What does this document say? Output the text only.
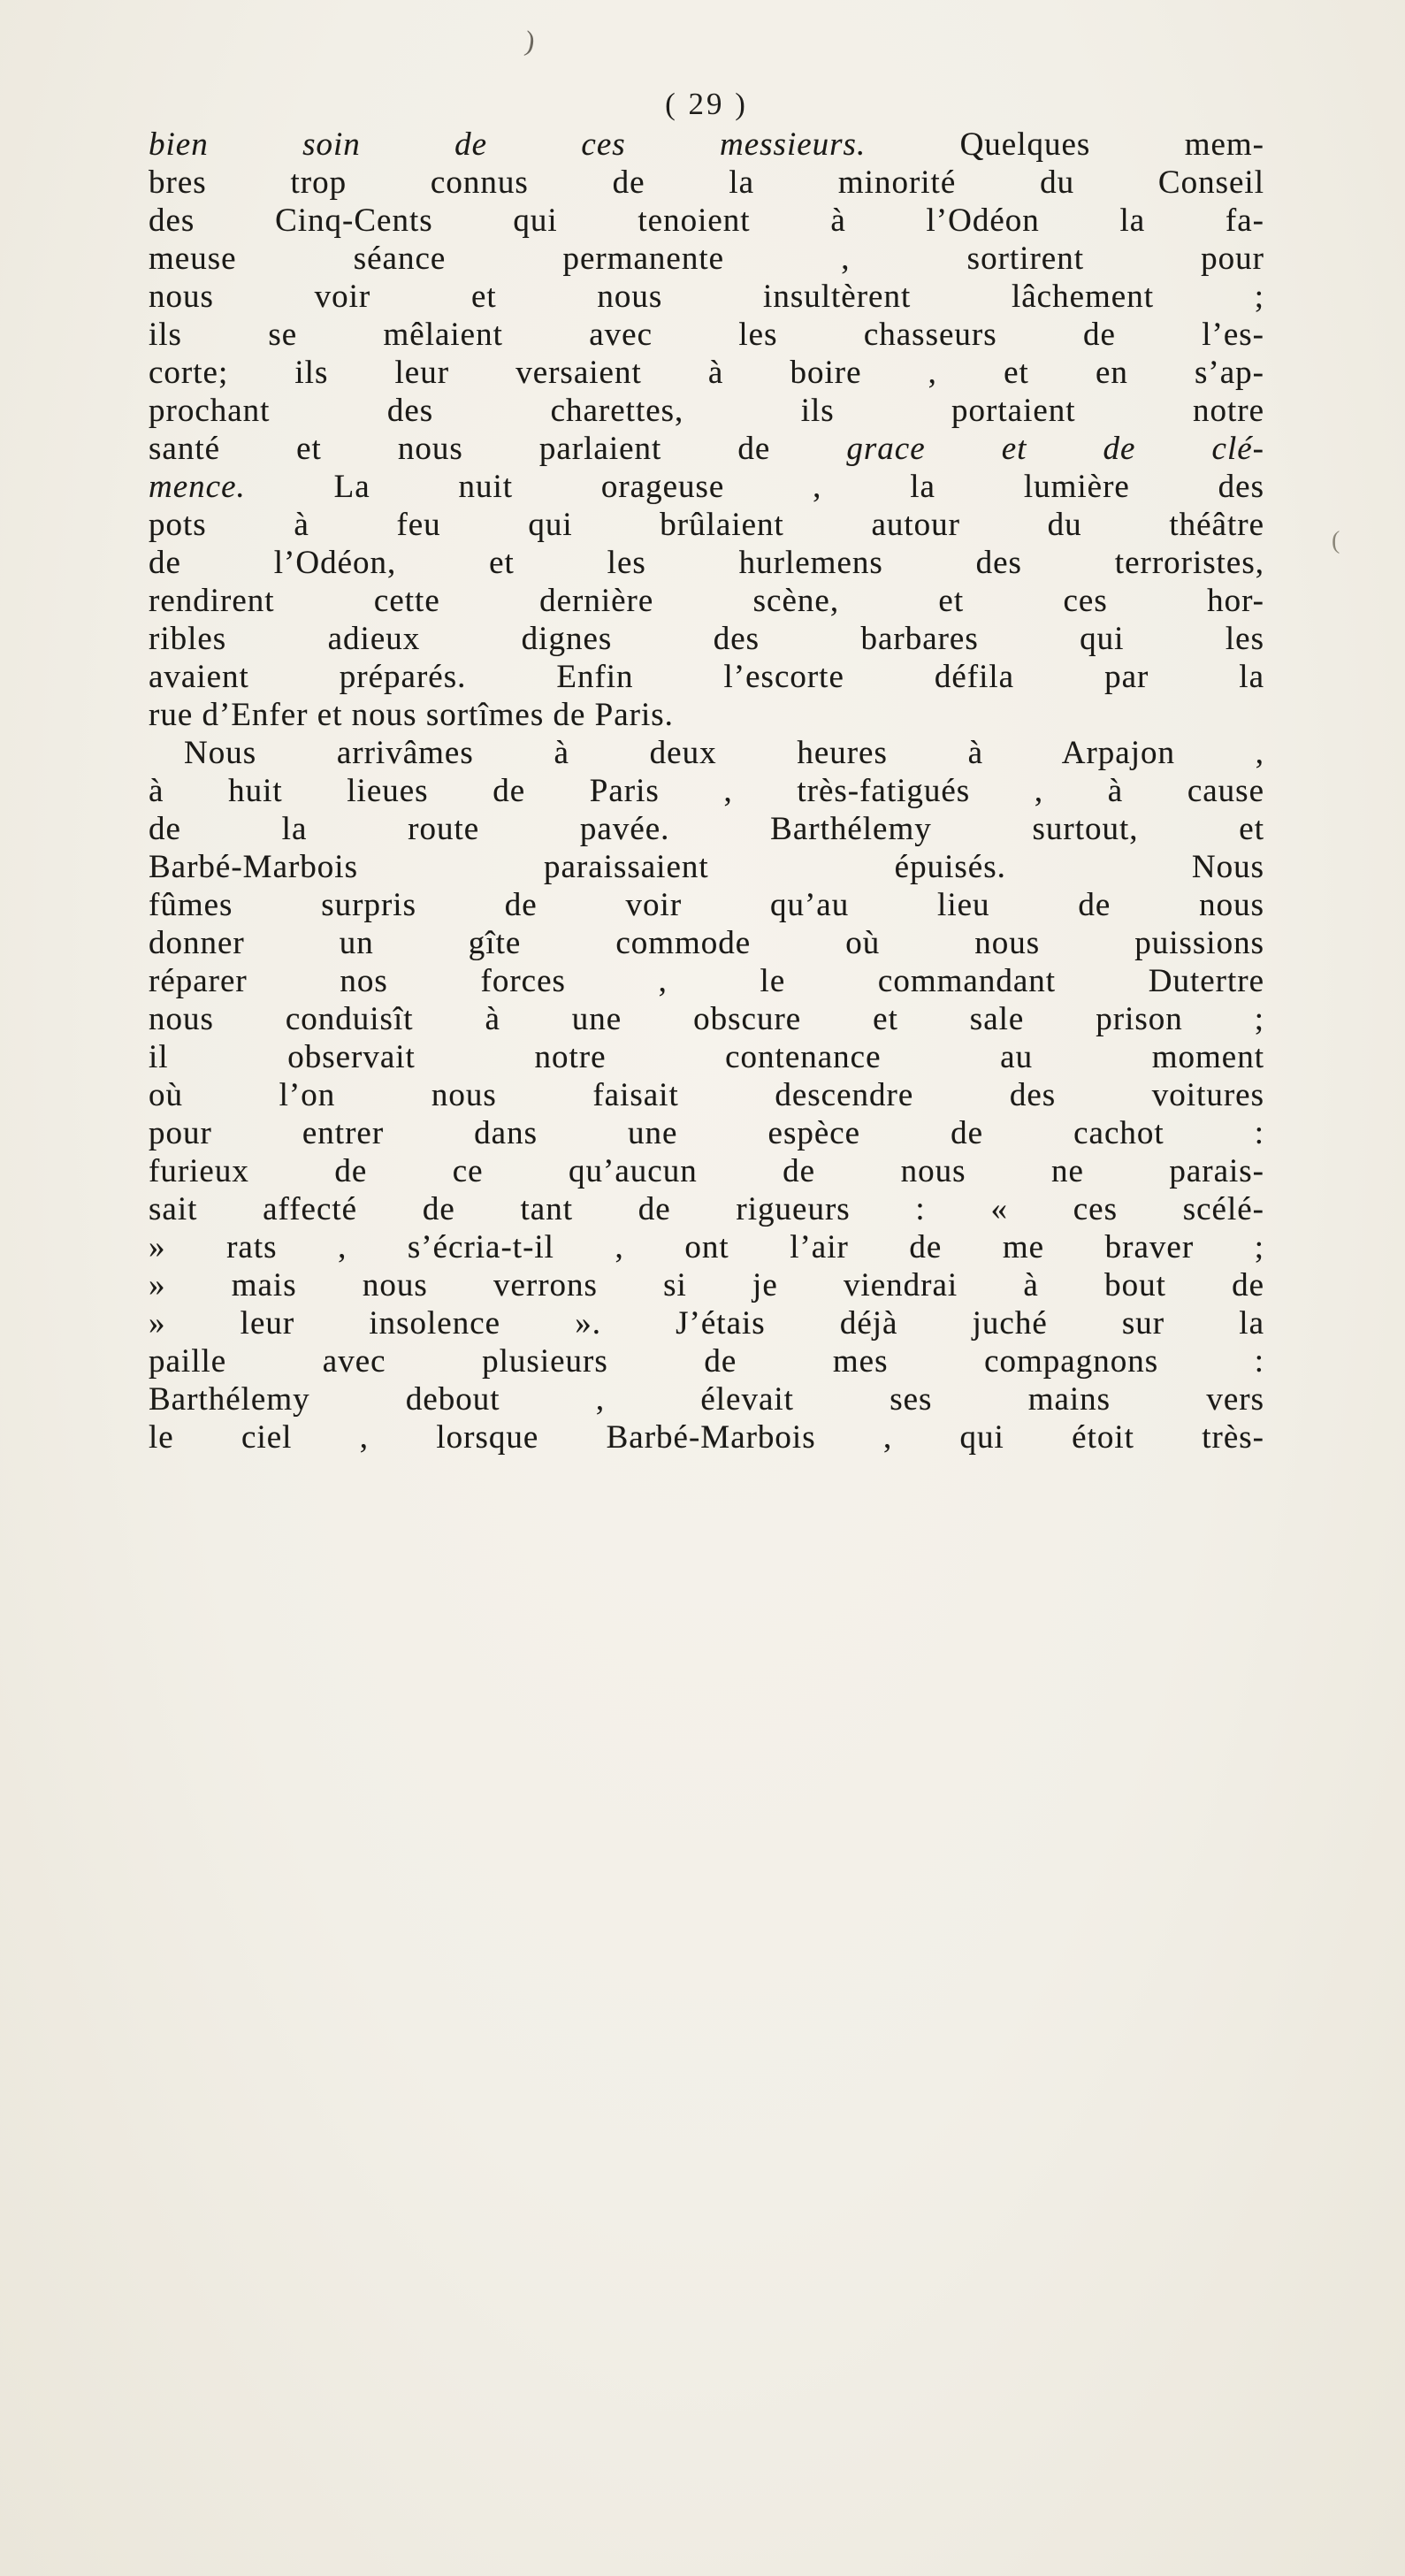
)
(
( 29 )
bien soin de ces messieurs. Quelques mem-
bres trop connus de la minorité du Conseil
des Cinq-Cents qui tenoient à l’Odéon la fa-
meuse séance permanente , sortirent pour
nous voir et nous insultèrent lâchement ;
ils se mêlaient avec les chasseurs de l’es-
corte; ils leur versaient à boire , et en s’ap-
prochant des charettes, ils portaient notre
santé et nous parlaient de grace et de clé-
mence. La nuit orageuse , la lumière des
pots à feu qui brûlaient autour du théâtre
de l’Odéon, et les hurlemens des terroristes,
rendirent cette dernière scène, et ces hor-
ribles adieux dignes des barbares qui les
avaient préparés. Enfin l’escorte défila par la
rue d’Enfer et nous sortîmes de Paris.
Nous arrivâmes à deux heures à Arpajon ,
à huit lieues de Paris , très-fatigués , à cause
de la route pavée. Barthélemy surtout, et
Barbé-Marbois paraissaient épuisés. Nous
fûmes surpris de voir qu’au lieu de nous
donner un gîte commode où nous puissions
réparer nos forces , le commandant Dutertre
nous conduisît à une obscure et sale prison ;
il observait notre contenance au moment
où l’on nous faisait descendre des voitures
pour entrer dans une espèce de cachot :
furieux de ce qu’aucun de nous ne parais-
sait affecté de tant de rigueurs : « ces scélé-
» rats , s’écria-t-il , ont l’air de me braver ;
» mais nous verrons si je viendrai à bout de
» leur insolence ». J’étais déjà juché sur la
paille avec plusieurs de mes compagnons :
Barthélemy debout , élevait ses mains vers
le ciel , lorsque Barbé-Marbois , qui étoit très-
